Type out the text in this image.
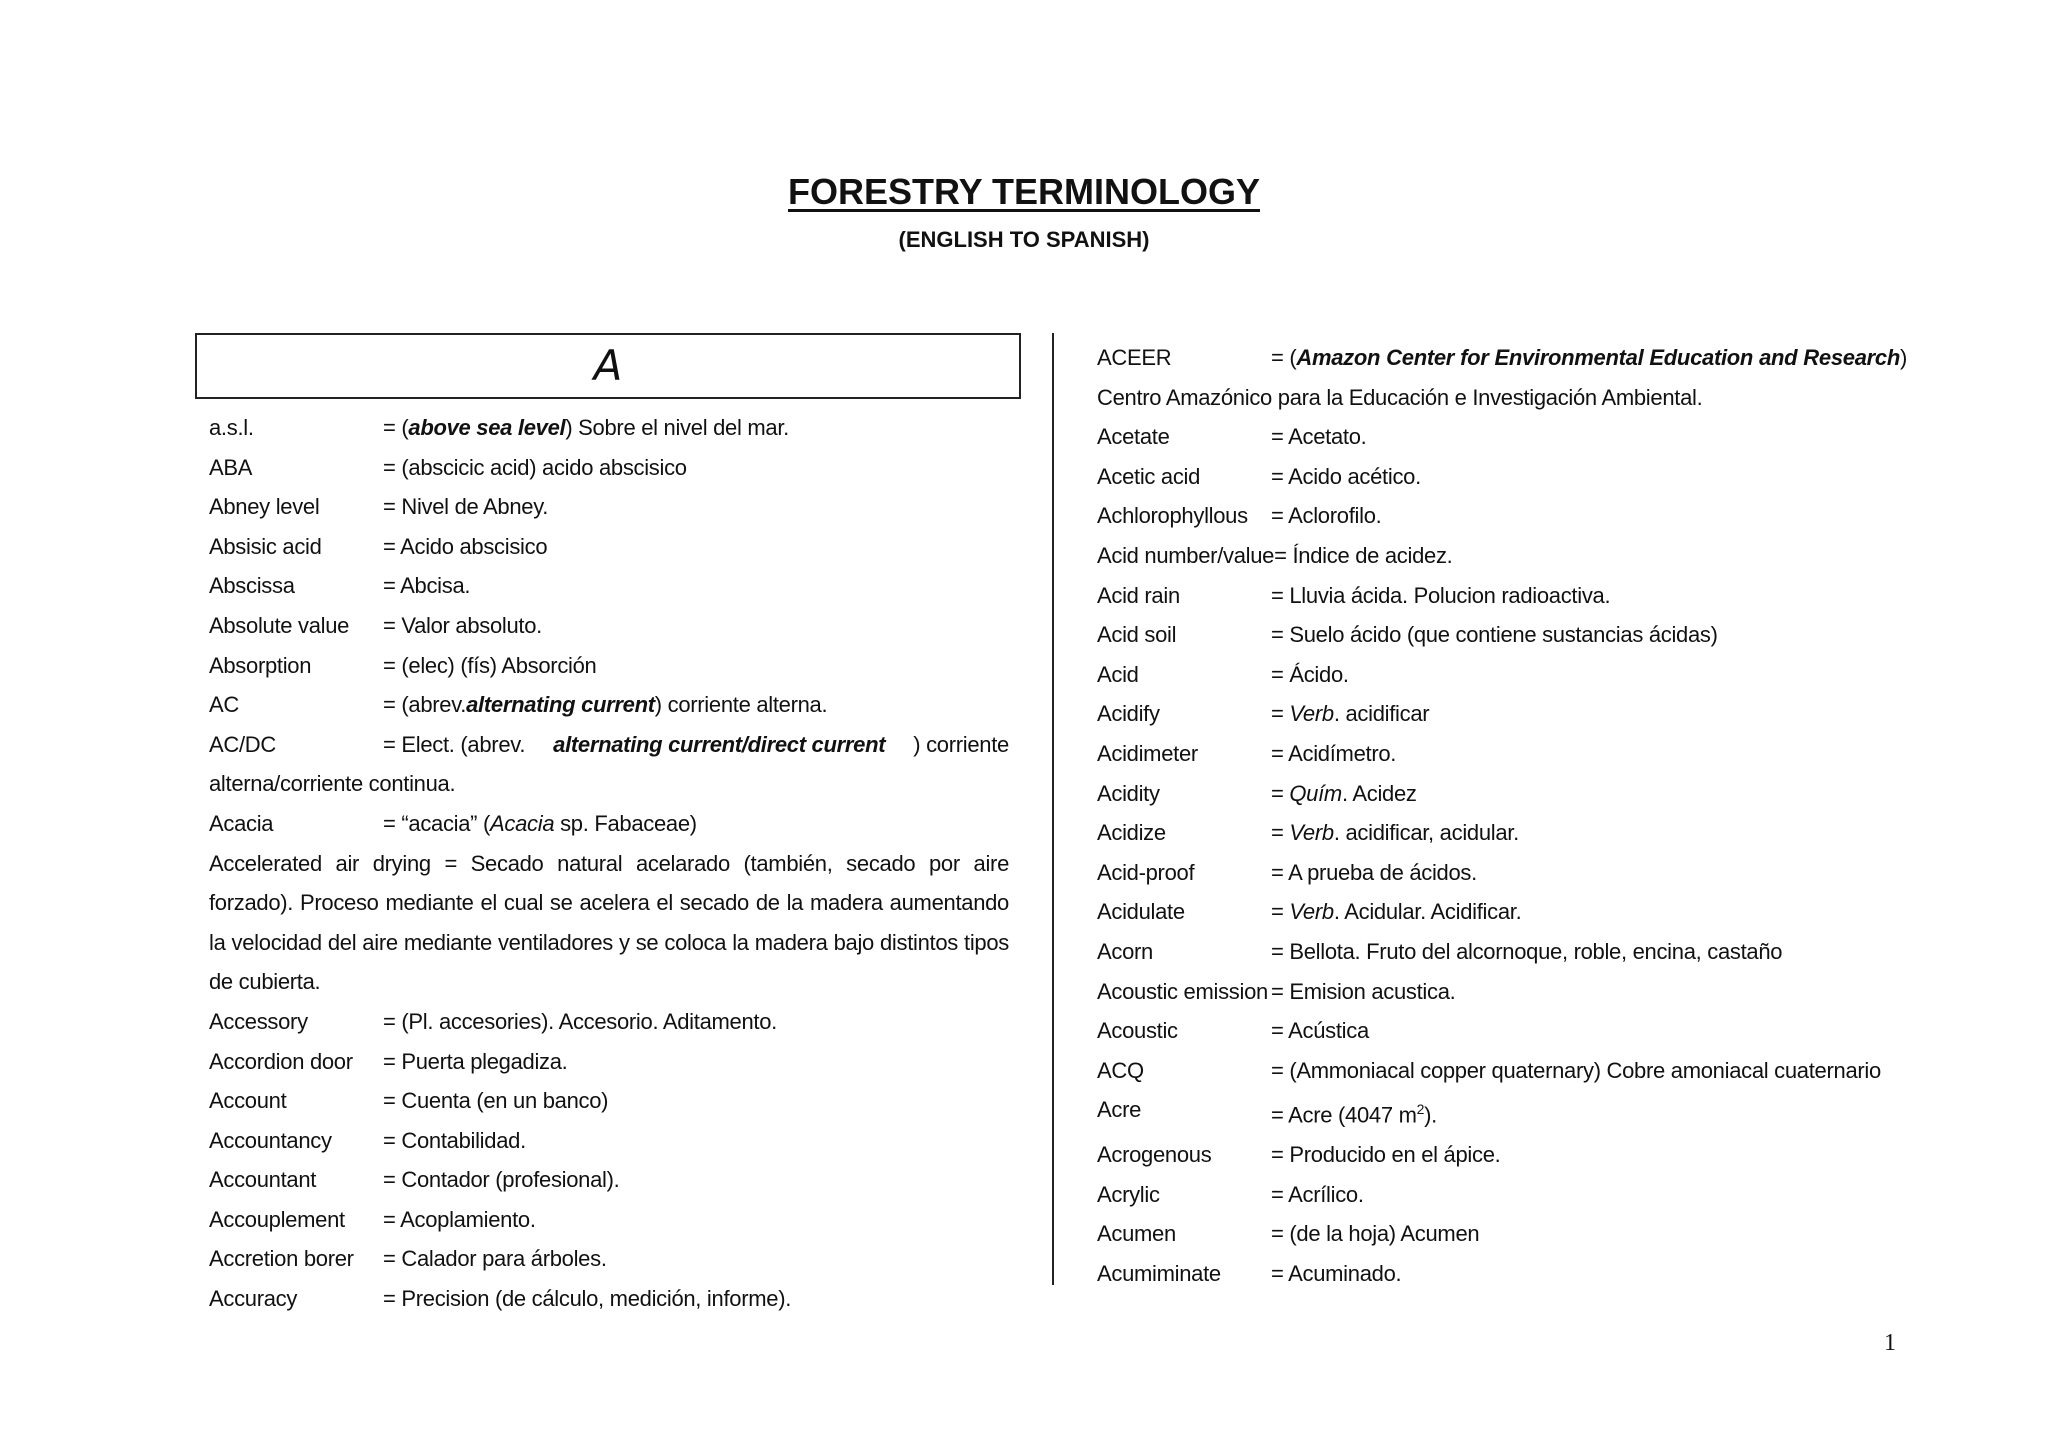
FORESTRY TERMINOLOGY
(ENGLISH TO SPANISH)
A
a.s.l.	= (above sea level) Sobre el nivel del mar.
ABA	= (abscicic acid) acido abscisico
Abney level	= Nivel de Abney.
Absisic acid	= Acido abscisico
Abscissa	= Abcisa.
Absolute value	= Valor absoluto.
Absorption	= (elec) (fís) Absorción
AC	= (abrev.alternating current) corriente alterna.
AC/DC	= Elect. (abrev. alternating current/direct current ) corriente
alterna/corriente continua.
Acacia	= “acacia” (Acacia sp. Fabaceae)
Accelerated air drying = Secado natural acelarado (también, secado por aire forzado). Proceso mediante el cual se acelera el secado de la madera aumentando la velocidad del aire mediante ventiladores y se coloca la madera bajo distintos tipos de cubierta.
Accessory	= (Pl. accesories). Accesorio. Aditamento.
Accordion door	= Puerta plegadiza.
Account	= Cuenta (en un banco)
Accountancy	= Contabilidad.
Accountant	= Contador (profesional).
Accouplement	= Acoplamiento.
Accretion borer	= Calador para árboles.
Accuracy	= Precision (de cálculo, medición, informe).
ACEER	= ( Amazon Center for Environmental Education and Research )
Centro Amazónico para la Educación e Investigación Ambiental.
Acetate	= Acetato.
Acetic acid	= Acido acético.
Achlorophyllous	= Aclorofilo.
Acid number/value = Índice de acidez.
Acid rain	= Lluvia ácida. Polucion radioactiva.
Acid soil	= Suelo ácido (que contiene sustancias ácidas)
Acid	= Ácido.
Acidify	= Verb. acidificar
Acidimeter	= Acidímetro.
Acidity	= Quím. Acidez
Acidize	= Verb. acidificar, acidular.
Acid-proof	= A prueba de ácidos.
Acidulate	= Verb. Acidular. Acidificar.
Acorn	= Bellota. Fruto del alcornoque, roble, encina, castaño
Acoustic emission = Emision acustica.
Acoustic	= Acústica
ACQ	= (Ammoniacal copper quaternary) Cobre amoniacal cuaternario
Acre	= Acre (4047 $m^2$).
Acrogenous	= Producido en el ápice.
Acrylic	= Acrílico.
Acumen	= (de la hoja) Acumen
Acumiminate	= Acuminado.
1
